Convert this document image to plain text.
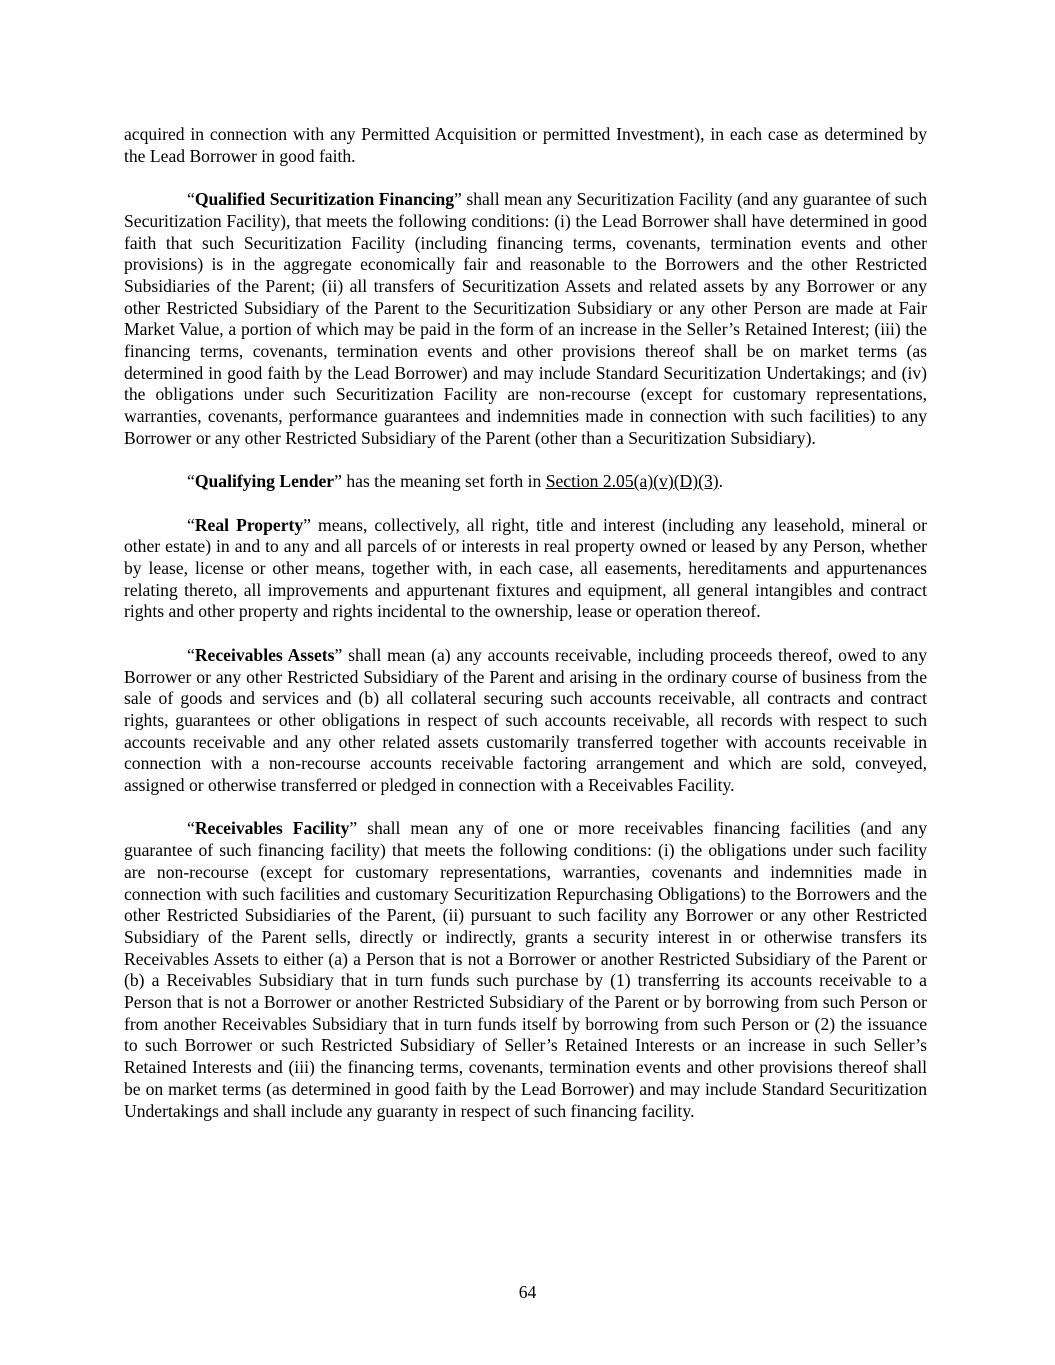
acquired in connection with any Permitted Acquisition or permitted Investment), in each case as determined by the Lead Borrower in good faith.

“Qualified Securitization Financing” shall mean any Securitization Facility (and any guarantee of such Securitization Facility), that meets the following conditions: (i) the Lead Borrower shall have determined in good faith that such Securitization Facility (including financing terms, covenants, termination events and other provisions) is in the aggregate economically fair and reasonable to the Borrowers and the other Restricted Subsidiaries of the Parent; (ii) all transfers of Securitization Assets and related assets by any Borrower or any other Restricted Subsidiary of the Parent to the Securitization Subsidiary or any other Person are made at Fair Market Value, a portion of which may be paid in the form of an increase in the Seller’s Retained Interest; (iii) the financing terms, covenants, termination events and other provisions thereof shall be on market terms (as determined in good faith by the Lead Borrower) and may include Standard Securitization Undertakings; and (iv) the obligations under such Securitization Facility are non-recourse (except for customary representations, warranties, covenants, performance guarantees and indemnities made in connection with such facilities) to any Borrower or any other Restricted Subsidiary of the Parent (other than a Securitization Subsidiary).

“Qualifying Lender” has the meaning set forth in Section 2.05(a)(v)(D)(3).

“Real Property” means, collectively, all right, title and interest (including any leasehold, mineral or other estate) in and to any and all parcels of or interests in real property owned or leased by any Person, whether by lease, license or other means, together with, in each case, all easements, hereditaments and appurtenances relating thereto, all improvements and appurtenant fixtures and equipment, all general intangibles and contract rights and other property and rights incidental to the ownership, lease or operation thereof.

“Receivables Assets” shall mean (a) any accounts receivable, including proceeds thereof, owed to any Borrower or any other Restricted Subsidiary of the Parent and arising in the ordinary course of business from the sale of goods and services and (b) all collateral securing such accounts receivable, all contracts and contract rights, guarantees or other obligations in respect of such accounts receivable, all records with respect to such accounts receivable and any other related assets customarily transferred together with accounts receivable in connection with a non-recourse accounts receivable factoring arrangement and which are sold, conveyed, assigned or otherwise transferred or pledged in connection with a Receivables Facility.

“Receivables Facility” shall mean any of one or more receivables financing facilities (and any guarantee of such financing facility) that meets the following conditions: (i) the obligations under such facility are non-recourse (except for customary representations, warranties, covenants and indemnities made in connection with such facilities and customary Securitization Repurchasing Obligations) to the Borrowers and the other Restricted Subsidiaries of the Parent, (ii) pursuant to such facility any Borrower or any other Restricted Subsidiary of the Parent sells, directly or indirectly, grants a security interest in or otherwise transfers its Receivables Assets to either (a) a Person that is not a Borrower or another Restricted Subsidiary of the Parent or (b) a Receivables Subsidiary that in turn funds such purchase by (1) transferring its accounts receivable to a Person that is not a Borrower or another Restricted Subsidiary of the Parent or by borrowing from such Person or from another Receivables Subsidiary that in turn funds itself by borrowing from such Person or (2) the issuance to such Borrower or such Restricted Subsidiary of Seller’s Retained Interests or an increase in such Seller’s Retained Interests and (iii) the financing terms, covenants, termination events and other provisions thereof shall be on market terms (as determined in good faith by the Lead Borrower) and may include Standard Securitization Undertakings and shall include any guaranty in respect of such financing facility.

64
